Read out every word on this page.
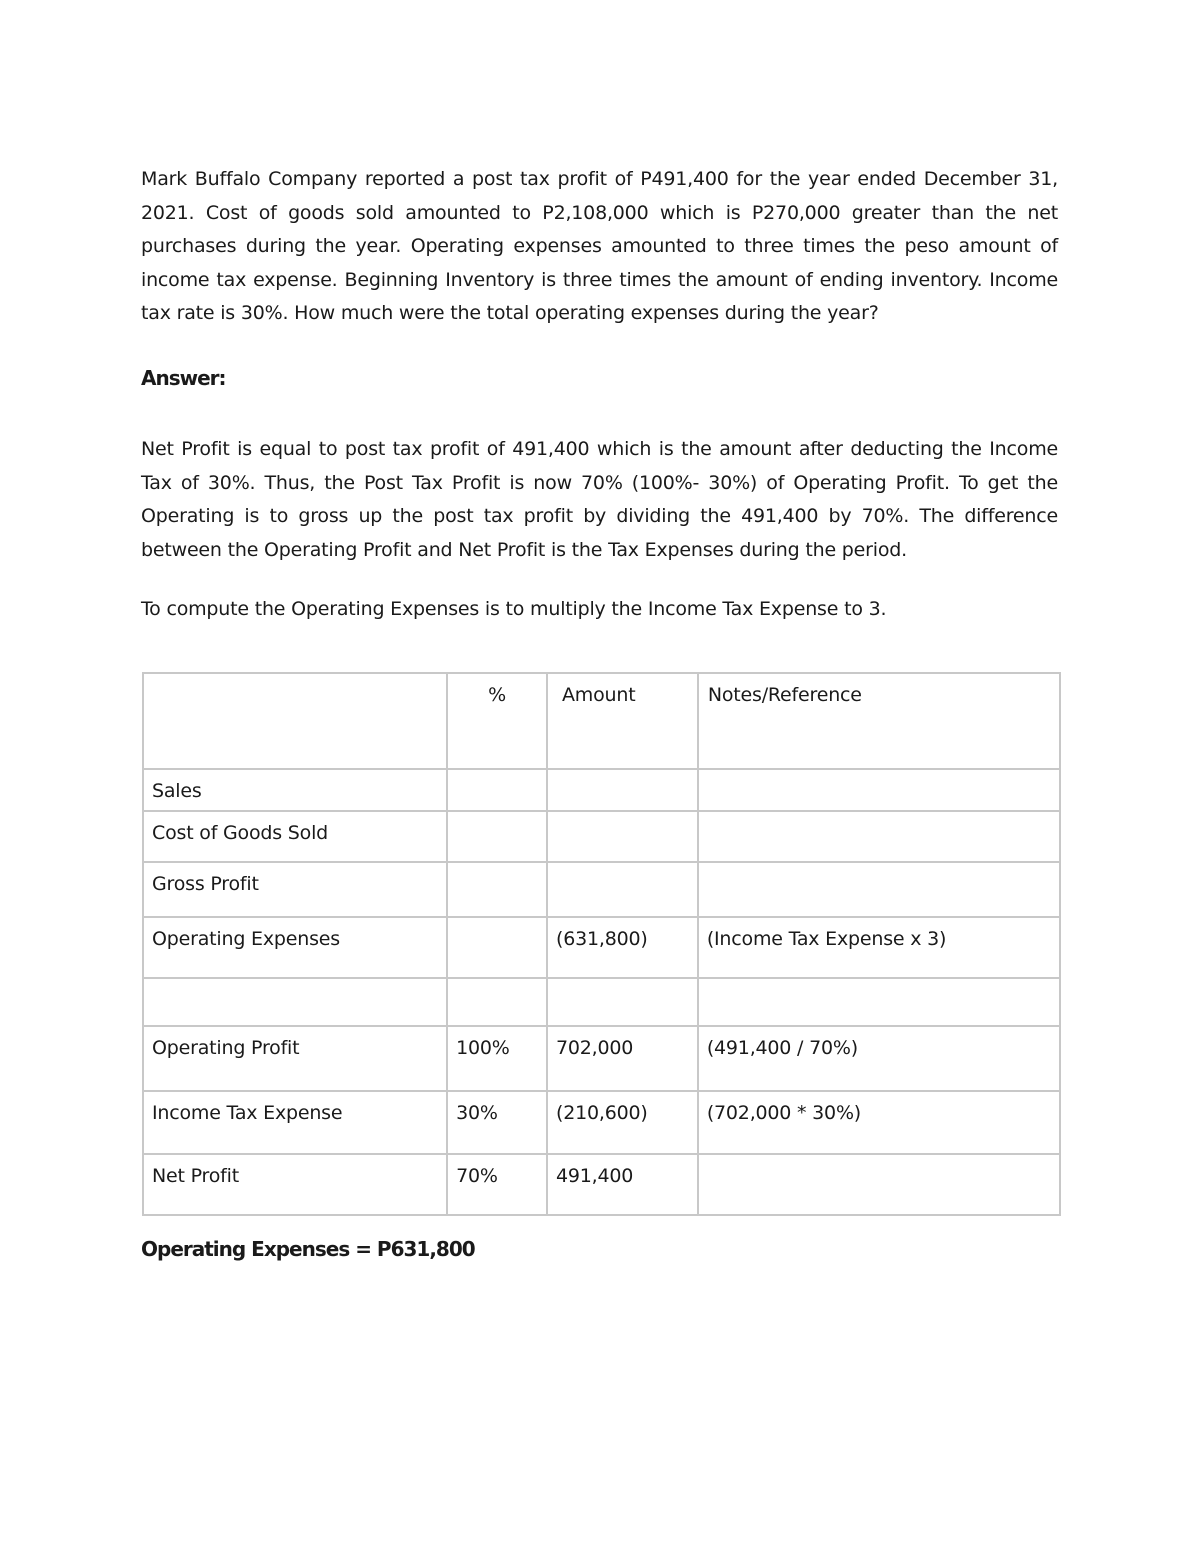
Mark Buffalo Company reported a post tax profit of P491,400 for the year ended December 31, 2021. Cost of goods sold amounted to P2,108,000 which is P270,000 greater than the net purchases during the year. Operating expenses amounted to three times the peso amount of income tax expense. Beginning Inventory is three times the amount of ending inventory. Income tax rate is 30%. How much were the total operating expenses during the year?

Answer:

Net Profit is equal to post tax profit of 491,400 which is the amount after deducting the Income Tax of 30%. Thus, the Post Tax Profit is now 70% (100%- 30%) of Operating Profit. To get the Operating is to gross up the post tax profit by dividing the 491,400 by 70%. The difference between the Operating Profit and Net Profit is the Tax Expenses during the period.

To compute the Operating Expenses is to multiply the Income Tax Expense to 3.

	%	Amount	Notes/Reference
Sales			
Cost of Goods Sold			
Gross Profit			
Operating Expenses		(631,800)	(Income Tax Expense x 3)

Operating Profit	100%	702,000	(491,400 / 70%)
Income Tax Expense	30%	(210,600)	(702,000 * 30%)
Net Profit	70%	491,400	

Operating Expenses = P631,800
